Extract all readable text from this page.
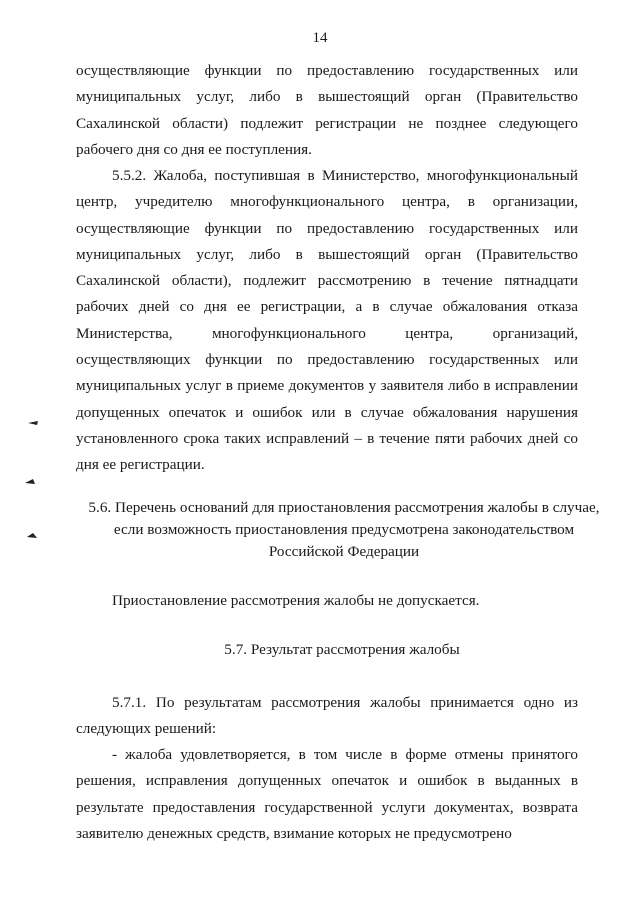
14

осуществляющие функции по предоставлению государственных или муниципальных услуг, либо в вышестоящий орган (Правительство Сахалинской области) подлежит регистрации не позднее следующего рабочего дня со дня ее поступления.

5.5.2. Жалоба, поступившая в Министерство, многофункциональный центр, учредителю многофункционального центра, в организации, осуществляющие функции по предоставлению государственных или муниципальных услуг, либо в вышестоящий орган (Правительство Сахалинской области), подлежит рассмотрению в течение пятнадцати рабочих дней со дня ее регистрации, а в случае обжалования отказа Министерства, многофункционального центра, организаций, осуществляющих функции по предоставлению государственных или муниципальных услуг в приеме документов у заявителя либо в исправлении допущенных опечаток и ошибок или в случае обжалования нарушения установленного срока таких исправлений – в течение пяти рабочих дней со дня ее регистрации.

5.6. Перечень оснований для приостановления рассмотрения жалобы в случае, если возможность приостановления предусмотрена законодательством Российской Федерации

Приостановление рассмотрения жалобы не допускается.

5.7. Результат рассмотрения жалобы

5.7.1. По результатам рассмотрения жалобы принимается одно из следующих решений:

- жалоба удовлетворяется, в том числе в форме отмены принятого решения, исправления допущенных опечаток и ошибок в выданных в результате предоставления государственной услуги документах, возврата заявителю денежных средств, взимание которых не предусмотрено
